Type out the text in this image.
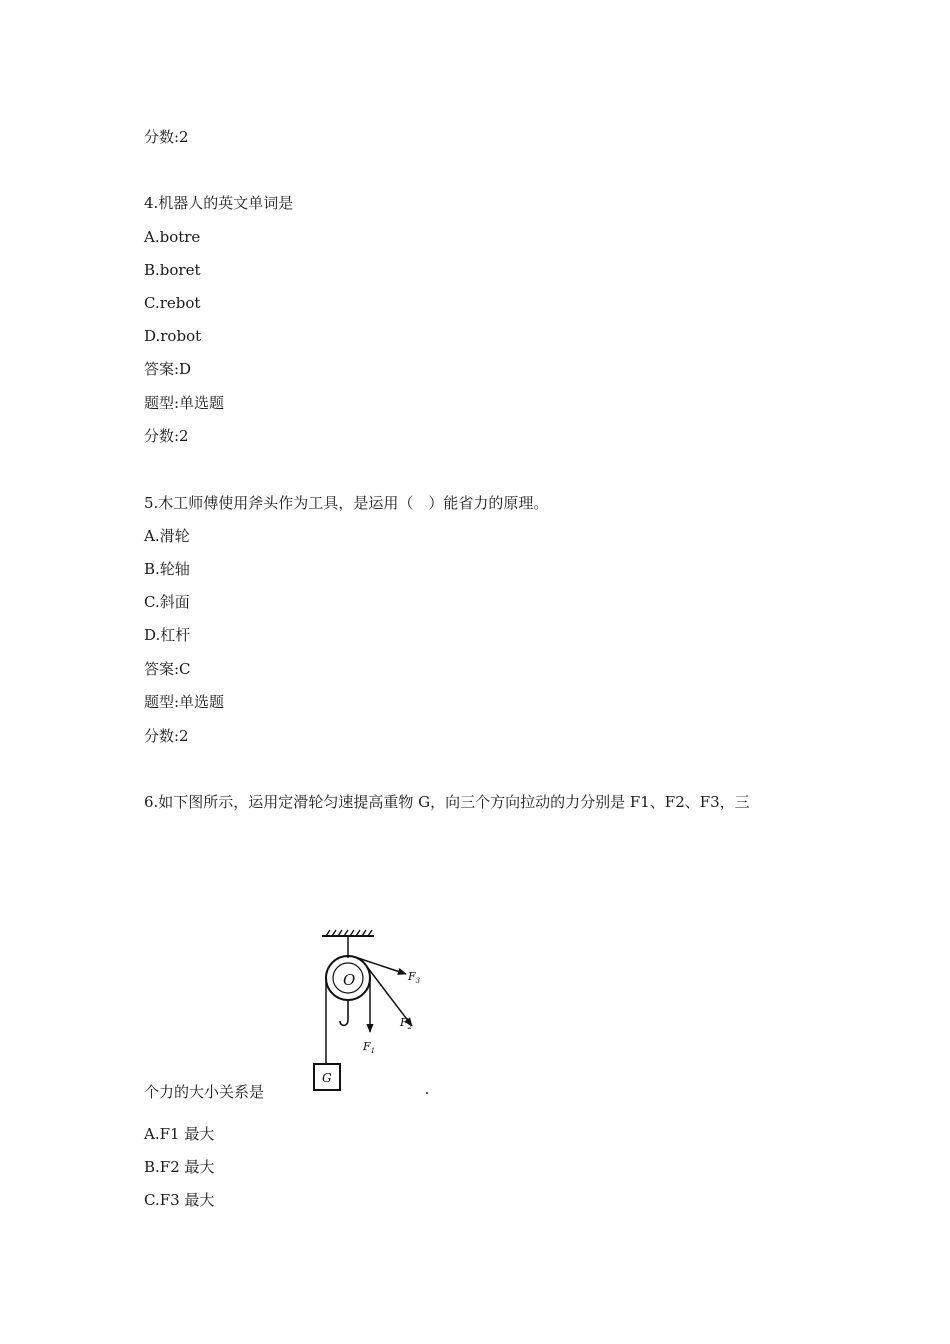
分数:2
4.机器人的英文单词是
A.botre
B.boret
C.rebot
D.robot
答案:D
题型:单选题
分数:2
5.木工师傅使用斧头作为工具，是运用（　）能省力的原理。
A.滑轮
B.轮轴
C.斜面
D.杠杆
答案:C
题型:单选题
分数:2
6.如下图所示，运用定滑轮匀速提高重物 G，向三个方向拉动的力分别是 F1、F2、F3，三
O
G
$F_1$
$F_2$
$F_3$
个力的大小关系是
A.F1 最大
B.F2 最大
C.F3 最大
